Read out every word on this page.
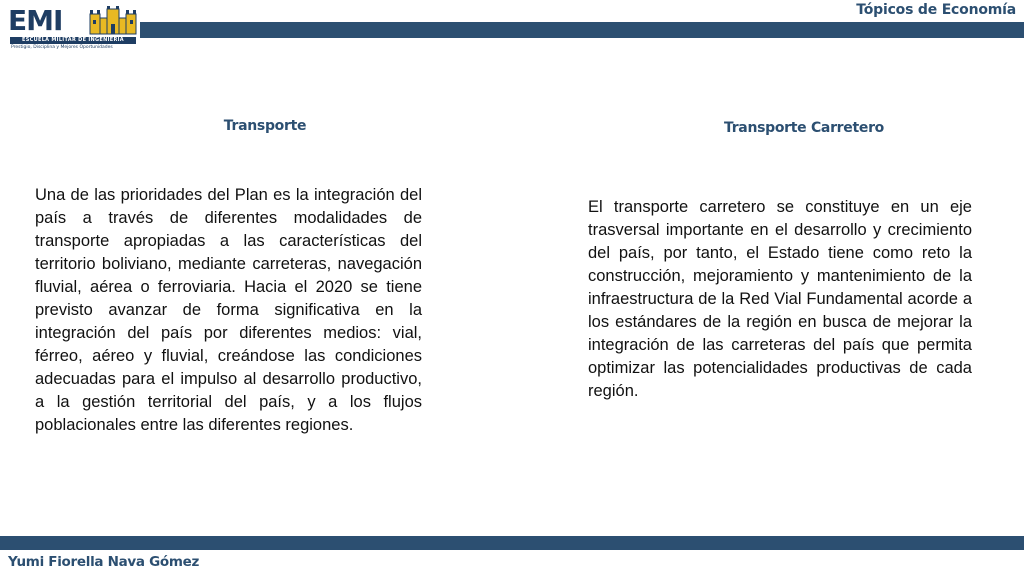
Tópicos de Economía
EMI
ESCUELA MILITAR DE INGENIERIA
Prestigio, Disciplina y Mejores Oportunidades
Transporte

Una de las prioridades del Plan es la integración del país a través de diferentes modalidades de transporte apropiadas a las características del territorio boliviano, mediante carreteras, navegación fluvial, aérea o ferroviaria. Hacia el 2020 se tiene previsto avanzar de forma significativa en la integración del país por diferentes medios: vial, férreo, aéreo y fluvial, creándose las condiciones adecuadas para el impulso al desarrollo productivo, a la gestión territorial del país, y a los flujos poblacionales entre las diferentes regiones.

Transporte Carretero

El transporte carretero se constituye en un eje trasversal importante en el desarrollo y crecimiento del país, por tanto, el Estado tiene como reto la construcción, mejoramiento y mantenimiento de la infraestructura de la Red Vial Fundamental acorde a los estándares de la región en busca de mejorar la integración de las carreteras del país que permita optimizar las potencialidades productivas de cada región.

Yumi Fiorella Nava Gómez
